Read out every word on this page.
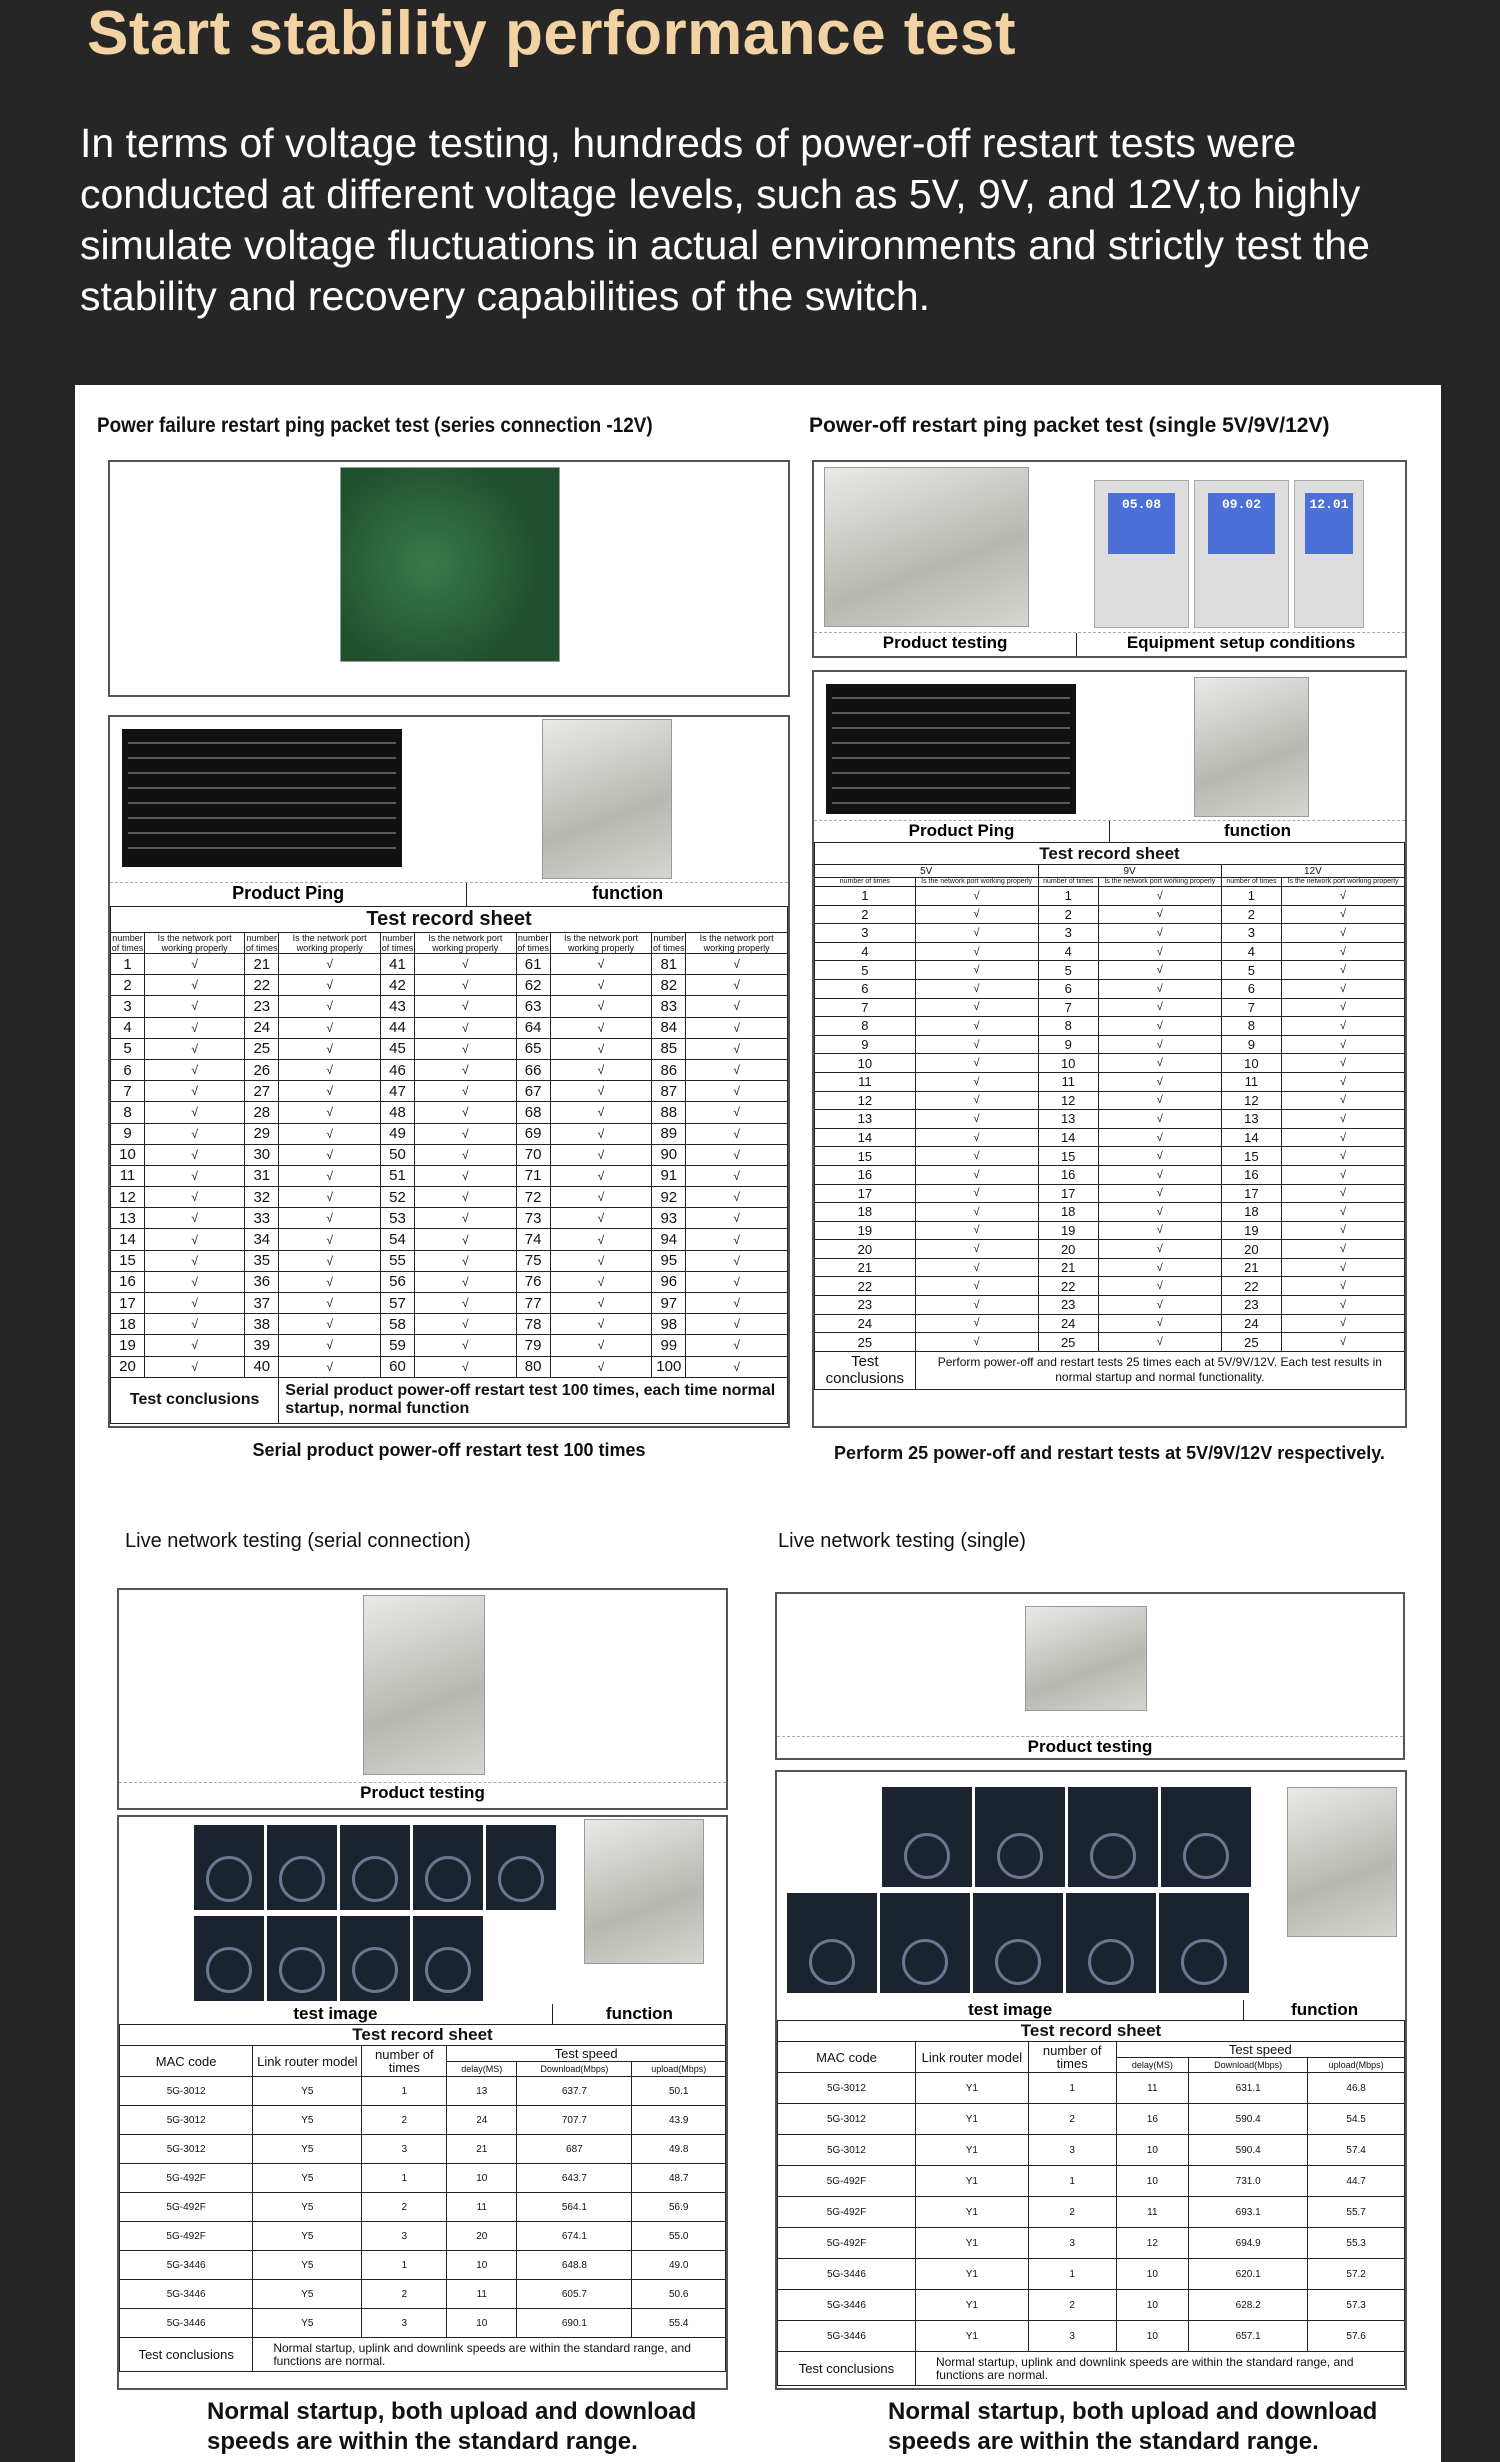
Start stability performance test
In terms of voltage testing, hundreds of power-off restart tests were conducted at different voltage levels, such as 5V, 9V, and 12V,to highly simulate voltage fluctuations in actual environments and strictly test the stability and recovery capabilities of the switch.
Power failure restart ping packet test (series connection -12V)
Product Ping	function
Test record sheet									
number of times	Is the network port working properly	number of times	Is the network port working properly	number of times	Is the network port working properly	number of times	Is the network port working properly	number of times	Is the network port working properly
1	√	21	√	41	√	61	√	81	√
2	√	22	√	42	√	62	√	82	√
3	√	23	√	43	√	63	√	83	√
4	√	24	√	44	√	64	√	84	√
5	√	25	√	45	√	65	√	85	√
6	√	26	√	46	√	66	√	86	√
7	√	27	√	47	√	67	√	87	√
8	√	28	√	48	√	68	√	88	√
9	√	29	√	49	√	69	√	89	√
10	√	30	√	50	√	70	√	90	√
11	√	31	√	51	√	71	√	91	√
12	√	32	√	52	√	72	√	92	√
13	√	33	√	53	√	73	√	93	√
14	√	34	√	54	√	74	√	94	√
15	√	35	√	55	√	75	√	95	√
16	√	36	√	56	√	76	√	96	√
17	√	37	√	57	√	77	√	97	√
18	√	38	√	58	√	78	√	98	√
19	√	39	√	59	√	79	√	99	√
20	√	40	√	60	√	80	√	100	√
Test conclusions			Serial product power-off restart test 100 times, each time normal startup, normal function						
Serial product power-off restart test 100 times
Power-off restart ping packet test (single 5V/9V/12V)
05.08	09.02	12.01
Product testing	Equipment setup conditions
Product Ping	function
Test record sheet					
5V		9V		12V	
number of times	Is the network port working properly	number of times	Is the network port working properly	number of times	Is the network port working properly
1	√	1	√	1	√
2	√	2	√	2	√
3	√	3	√	3	√
4	√	4	√	4	√
5	√	5	√	5	√
6	√	6	√	6	√
7	√	7	√	7	√
8	√	8	√	8	√
9	√	9	√	9	√
10	√	10	√	10	√
11	√	11	√	11	√
12	√	12	√	12	√
13	√	13	√	13	√
14	√	14	√	14	√
15	√	15	√	15	√
16	√	16	√	16	√
17	√	17	√	17	√
18	√	18	√	18	√
19	√	19	√	19	√
20	√	20	√	20	√
21	√	21	√	21	√
22	√	22	√	22	√
23	√	23	√	23	√
24	√	24	√	24	√
25	√	25	√	25	√
Test conclusions	Perform power-off and restart tests 25 times each at 5V/9V/12V. Each test results in normal startup and normal functionality.				
Perform 25 power-off and restart tests at 5V/9V/12V respectively.
Live network testing (serial connection)
Product testing
test image	function
Test record sheet					
MAC code	Link router model	number of times	Test speed		
			delay(MS)	Download(Mbps)	upload(Mbps)
5G-3012	Y5	1	13	637.7	50.1
5G-3012	Y5	2	24	707.7	43.9
5G-3012	Y5	3	21	687	49.8
5G-492F	Y5	1	10	643.7	48.7
5G-492F	Y5	2	11	564.1	56.9
5G-492F	Y5	3	20	674.1	55.0
5G-3446	Y5	1	10	648.8	49.0
5G-3446	Y5	2	11	605.7	50.6
5G-3446	Y5	3	10	690.1	55.4
Test conclusions	Normal startup, uplink and downlink speeds are within the standard range, and functions are normal.				
Normal startup, both upload and download speeds are within the standard range.
Live network testing (single)
Product testing
test image	function
Test record sheet					
MAC code	Link router model	number of times	Test speed		
			delay(MS)	Download(Mbps)	upload(Mbps)
5G-3012	Y1	1	11	631.1	46.8
5G-3012	Y1	2	16	590.4	54.5
5G-3012	Y1	3	10	590.4	57.4
5G-492F	Y1	1	10	731.0	44.7
5G-492F	Y1	2	11	693.1	55.7
5G-492F	Y1	3	12	694.9	55.3
5G-3446	Y1	1	10	620.1	57.2
5G-3446	Y1	2	10	628.2	57.3
5G-3446	Y1	3	10	657.1	57.6
Test conclusions	Normal startup, uplink and downlink speeds are within the standard range, and functions are normal.				
Normal startup, both upload and download speeds are within the standard range.
